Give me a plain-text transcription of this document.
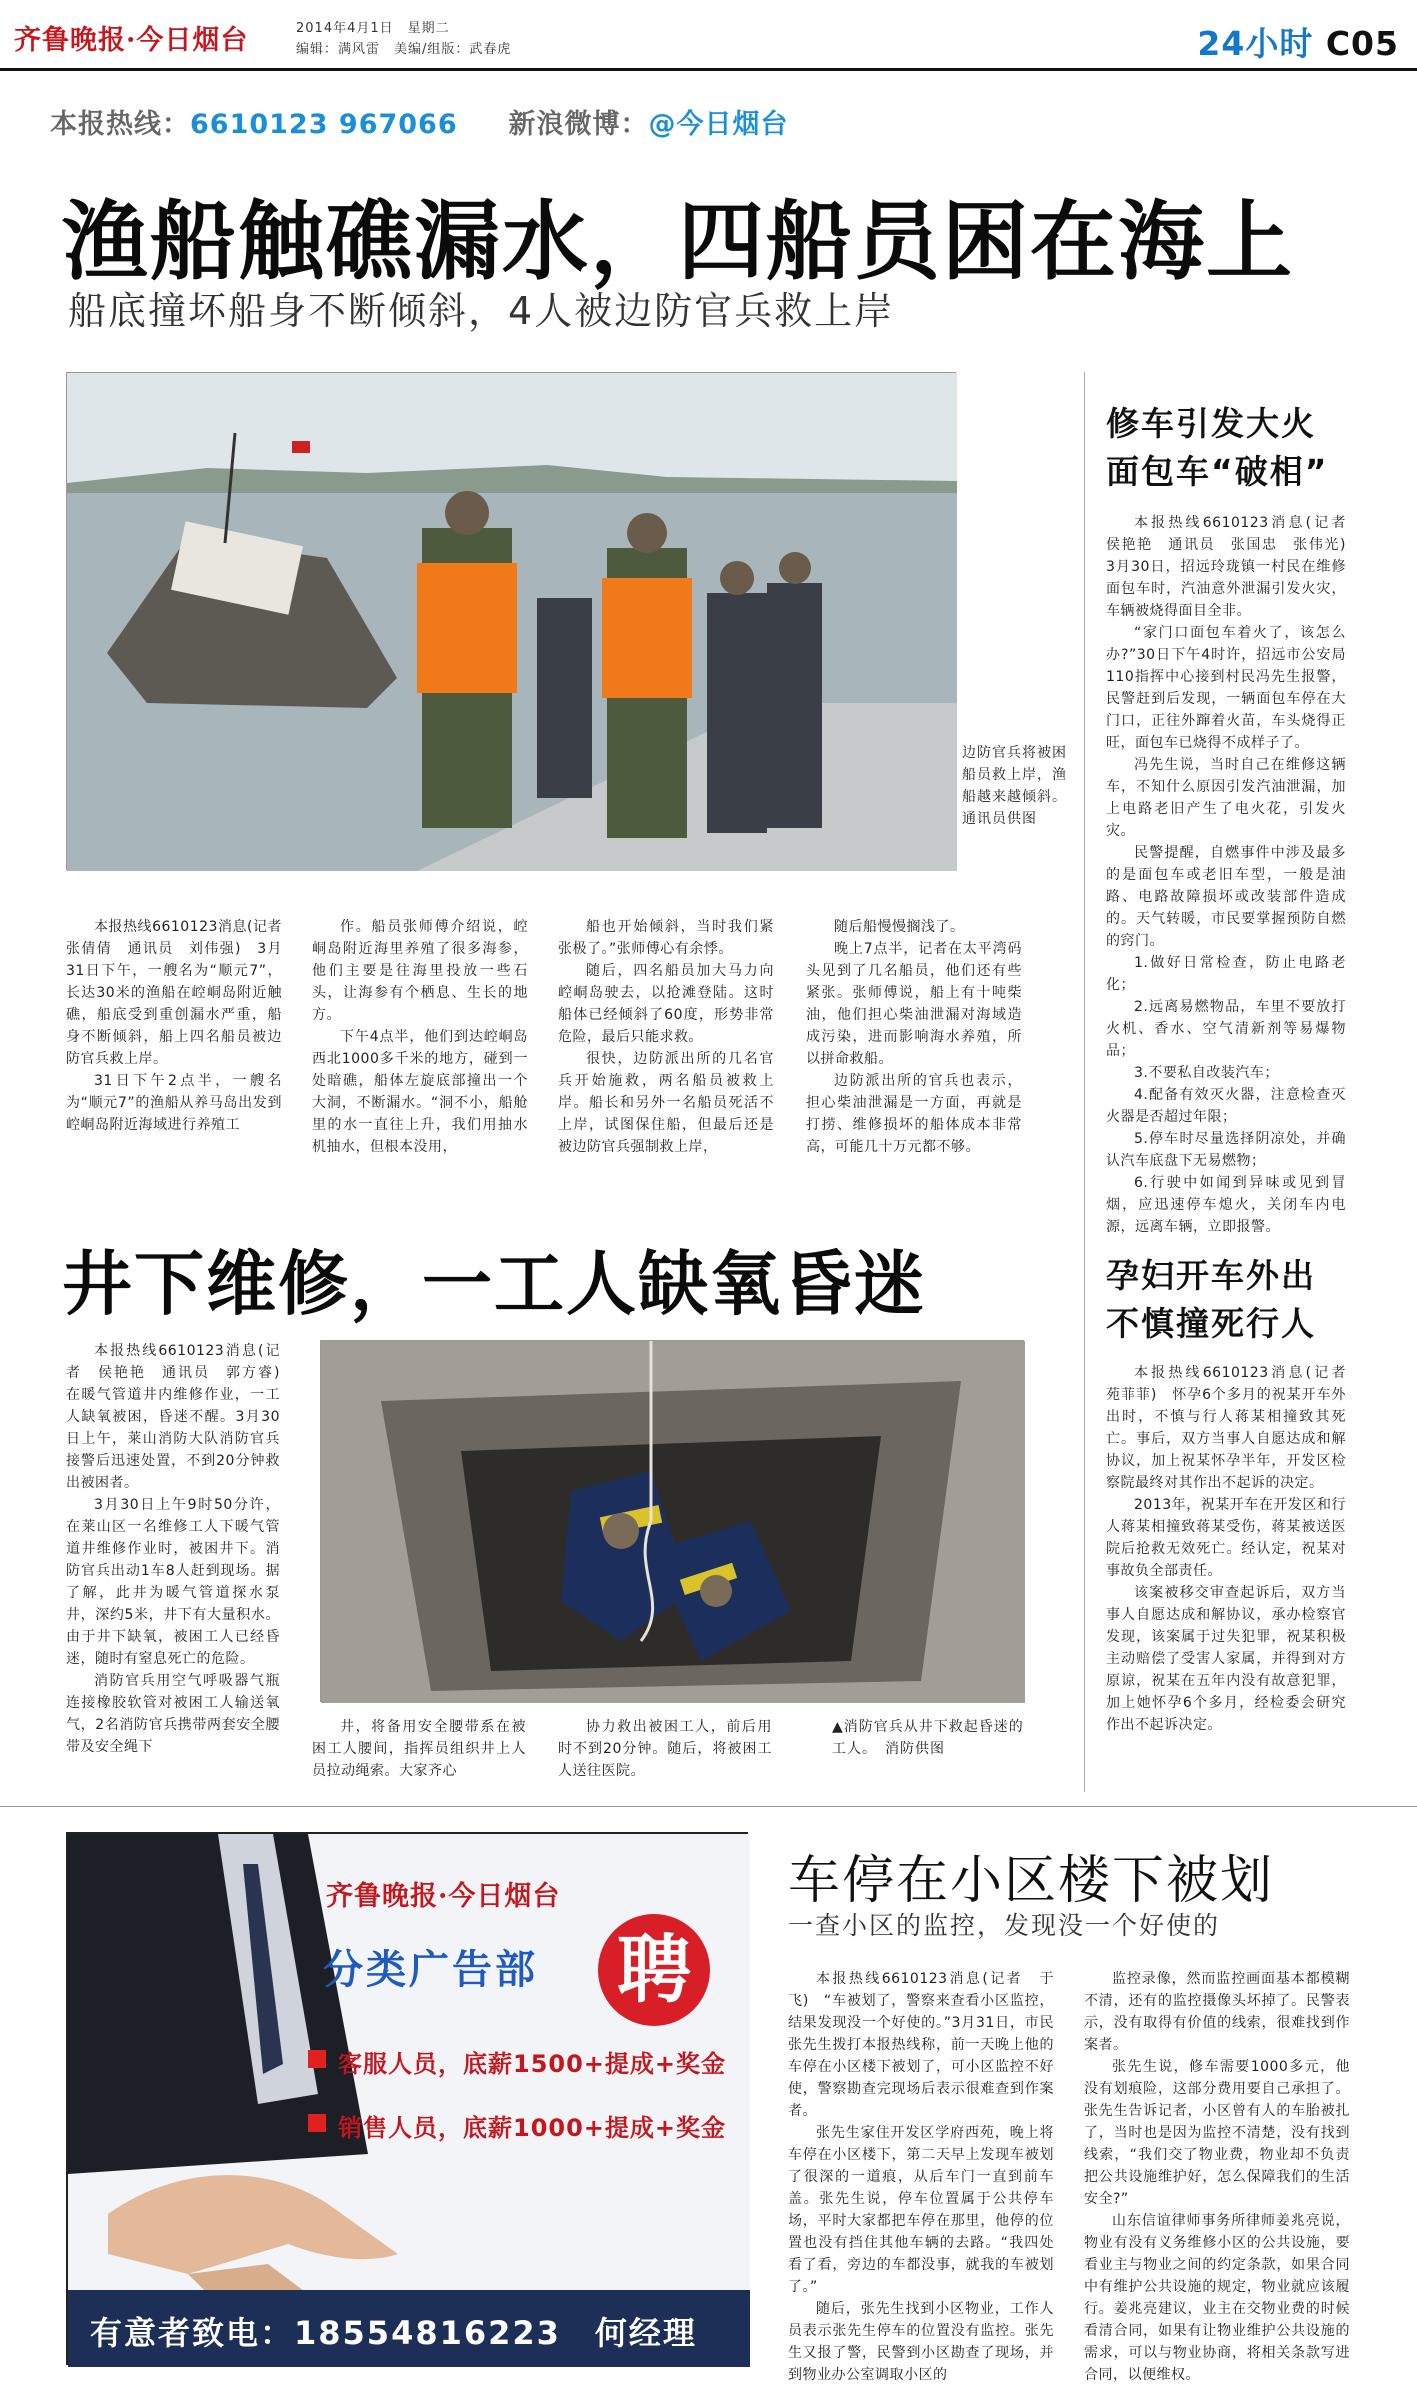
齐鲁晚报·今日烟台	2014年4月1日　星期二
编辑：满风雷　美编/组版：武春虎	24小时 C05
本报热线：6610123 967066 新浪微博：@今日烟台
渔船触礁漏水，四船员困在海上
船底撞坏船身不断倾斜，4人被边防官兵救上岸
边防官兵将被困船员救上岸，渔船越来越倾斜。　通讯员供图

本报热线6610123消息(记者　张倩倩　通讯员　刘伟强)　3月31日下午，一艘名为“顺元7”，长达30米的渔船在崆峒岛附近触礁，船底受到重创漏水严重，船身不断倾斜，船上四名船员被边防官兵救上岸。

31日下午2点半，一艘名为“顺元7”的渔船从养马岛出发到崆峒岛附近海域进行养殖工

作。船员张师傅介绍说，崆峒岛附近海里养殖了很多海参，他们主要是往海里投放一些石头，让海参有个栖息、生长的地方。

下午4点半，他们到达崆峒岛西北1000多千米的地方，碰到一处暗礁，船体左旋底部撞出一个大洞，不断漏水。“洞不小，船舱里的水一直往上升，我们用抽水机抽水，但根本没用，

船也开始倾斜，当时我们紧张极了。”张师傅心有余悸。

随后，四名船员加大马力向崆峒岛驶去，以抢滩登陆。这时船体已经倾斜了60度，形势非常危险，最后只能求救。

很快，边防派出所的几名官兵开始施救，两名船员被救上岸。船长和另外一名船员死活不上岸，试图保住船，但最后还是被边防官兵强制救上岸，

随后船慢慢搁浅了。

晚上7点半，记者在太平湾码头见到了几名船员，他们还有些紧张。张师傅说，船上有十吨柴油，他们担心柴油泄漏对海域造成污染，进而影响海水养殖，所以拼命救船。

边防派出所的官兵也表示，担心柴油泄漏是一方面，再就是打捞、维修损坏的船体成本非常高，可能几十万元都不够。

修车引发大火
面包车“破相”

本报热线6610123消息(记者　侯艳艳　通讯员　张国忠　张伟光)　3月30日，招远玲珑镇一村民在维修面包车时，汽油意外泄漏引发火灾，车辆被烧得面目全非。

“家门口面包车着火了，该怎么办?”30日下午4时许，招远市公安局110指挥中心接到村民冯先生报警，民警赶到后发现，一辆面包车停在大门口，正往外蹿着火苗，车头烧得正旺，面包车已烧得不成样子了。

冯先生说，当时自己在维修这辆车，不知什么原因引发汽油泄漏，加上电路老旧产生了电火花，引发火灾。

民警提醒，自燃事件中涉及最多的是面包车或老旧车型，一般是油路、电路故障损坏或改装部件造成的。天气转暖，市民要掌握预防自燃的窍门。

1.做好日常检查，防止电路老化；

2.远离易燃物品，车里不要放打火机、香水、空气清新剂等易爆物品；

3.不要私自改装汽车；

4.配备有效灭火器，注意检查灭火器是否超过年限；

5.停车时尽量选择阴凉处，并确认汽车底盘下无易燃物；

6.行驶中如闻到异味或见到冒烟，应迅速停车熄火，关闭车内电源，远离车辆，立即报警。

井下维修，一工人缺氧昏迷
▲消防官兵从井下救起昏迷的工人。　消防供图

本报热线6610123消息(记者　侯艳艳　通讯员　郭方睿)　在暖气管道井内维修作业，一工人缺氧被困，昏迷不醒。3月30日上午，莱山消防大队消防官兵接警后迅速处置，不到20分钟救出被困者。

3月30日上午9时50分许，在莱山区一名维修工人下暖气管道井维修作业时，被困井下。消防官兵出动1车8人赶到现场。据了解，此井为暖气管道探水泵井，深约5米，井下有大量积水。由于井下缺氧，被困工人已经昏迷，随时有窒息死亡的危险。

消防官兵用空气呼吸器气瓶连接橡胶软管对被困工人输送氧气，2名消防官兵携带两套安全腰带及安全绳下

井，将备用安全腰带系在被困工人腰间，指挥员组织井上人员拉动绳索。大家齐心

协力救出被困工人，前后用时不到20分钟。随后，将被困工人送往医院。

孕妇开车外出
不慎撞死行人

本报热线6610123消息(记者　苑菲菲)　怀孕6个多月的祝某开车外出时，不慎与行人蒋某相撞致其死亡。事后，双方当事人自愿达成和解协议，加上祝某怀孕半年，开发区检察院最终对其作出不起诉的决定。

2013年，祝某开车在开发区和行人蒋某相撞致蒋某受伤，蒋某被送医院后抢救无效死亡。经认定，祝某对事故负全部责任。

该案被移交审查起诉后，双方当事人自愿达成和解协议，承办检察官发现，该案属于过失犯罪，祝某积极主动赔偿了受害人家属，并得到对方原谅，祝某在五年内没有故意犯罪，加上她怀孕6个多月，经检委会研究作出不起诉决定。

齐鲁晚报·今日烟台
分类广告部 聘
客服人员，底薪1500+提成+奖金
销售人员，底薪1000+提成+奖金
有意者致电：18554816223　何经理
车停在小区楼下被划
一查小区的监控，发现没一个好使的

本报热线6610123消息(记者　于飞)　“车被划了，警察来查看小区监控，结果发现没一个好使的。”3月31日，市民张先生拨打本报热线称，前一天晚上他的车停在小区楼下被划了，可小区监控不好使，警察勘查完现场后表示很难查到作案者。

张先生家住开发区学府西苑，晚上将车停在小区楼下，第二天早上发现车被划了很深的一道痕，从后车门一直到前车盖。张先生说，停车位置属于公共停车场，平时大家都把车停在那里，他停的位置也没有挡住其他车辆的去路。“我四处看了看，旁边的车都没事，就我的车被划了。”

随后，张先生找到小区物业，工作人员表示张先生停车的位置没有监控。张先生又报了警，民警到小区勘查了现场，并到物业办公室调取小区的

监控录像，然而监控画面基本都模糊不清，还有的监控摄像头坏掉了。民警表示，没有取得有价值的线索，很难找到作案者。

张先生说，修车需要1000多元，他没有划痕险，这部分费用要自己承担了。张先生告诉记者，小区曾有人的车胎被扎了，当时也是因为监控不清楚，没有找到线索，“我们交了物业费，物业却不负责把公共设施维护好，怎么保障我们的生活安全?”

山东信谊律师事务所律师姜兆亮说，物业有没有义务维修小区的公共设施，要看业主与物业之间的约定条款，如果合同中有维护公共设施的规定，物业就应该履行。姜兆亮建议，业主在交物业费的时候看清合同，如果有让物业维护公共设施的需求，可以与物业协商，将相关条款写进合同，以便维权。
